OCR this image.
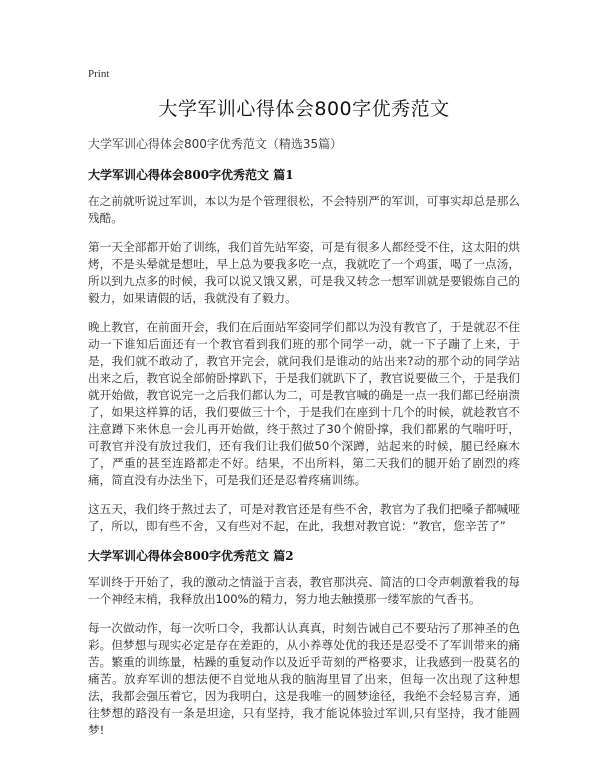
Print
大学军训心得体会800字优秀范文

大学军训心得体会800字优秀范文（精选35篇）

大学军训心得体会800字优秀范文 篇1

在之前就听说过军训，本以为是个管理很松，不会特别严的军训，可事实却总是那么残酷。

第一天全部都开始了训练，我们首先站军姿，可是有很多人都经受不住，这太阳的烘烤，不是头晕就是想吐，早上总为要我多吃一点，我就吃了一个鸡蛋，喝了一点汤，所以到九点多的时候，我可以说又饿又累，可是我又转念一想军训就是要锻炼自己的毅力，如果请假的话，我就没有了毅力。

晚上教官，在前面开会，我们在后面站军姿同学们都以为没有教官了，于是就忍不住动一下谁知后面还有一个教官看到我们班的那个同学一动，就一下子蹦了上来，于是，我们就不敢动了，教官开完会，就问我们是谁动的站出来?动的那个动的同学站出来之后，教官说全部俯卧撑趴下，于是我们就趴下了，教官说要做三个，于是我们就开始做，教官说完一之后我们都认为二，可是教官喊的确是一点一我们都已经崩溃了，如果这样算的话，我们要做三十个，于是我们在座到十几个的时候，就趁教官不注意蹲下来休息一会儿再开始做，终于熬过了30个俯卧撑，我们都累的气喘吁吁，可教官并没有放过我们，还有我们让我们做50个深蹲，站起来的时候，腿已经麻木了，严重的甚至连路都走不好。结果，不出所料，第二天我们的腿开始了剧烈的疼痛，简直没有办法坐下，可是我们还是忍着疼痛训练。

这五天，我们终于熬过去了，可是对教官还是有些不舍，教官为了我们把嗓子都喊哑了，所以，即有些不舍，又有些对不起，在此，我想对教官说：“教官，您辛苦了”

大学军训心得体会800字优秀范文 篇2

军训终于开始了，我的激动之情溢于言表，教官那洪亮、简洁的口令声刺激着我的每一个神经末梢，我释放出100%的精力，努力地去触摸那一缕军旅的气香书。

每一次做动作，每一次听口令，我都认认真真，时刻告诫自己不要玷污了那神圣的色彩。但梦想与现实必定是存在差距的，从小养尊处优的我还是忍受不了军训带来的痛苦。繁重的训练量，枯躁的重复动作以及近乎苛刻的严格要求，让我感到一股莫名的痛苦。放弃军训的想法便不自觉地从我的脑海里冒了出来，但每一次出现了这种想法，我都会强压着它，因为我明白，这是我唯一的圆梦途径，我绝不会轻易言弃，通往梦想的路没有一条是坦途，只有坚持，我才能说体验过军训,只有坚持，我才能圆梦!
